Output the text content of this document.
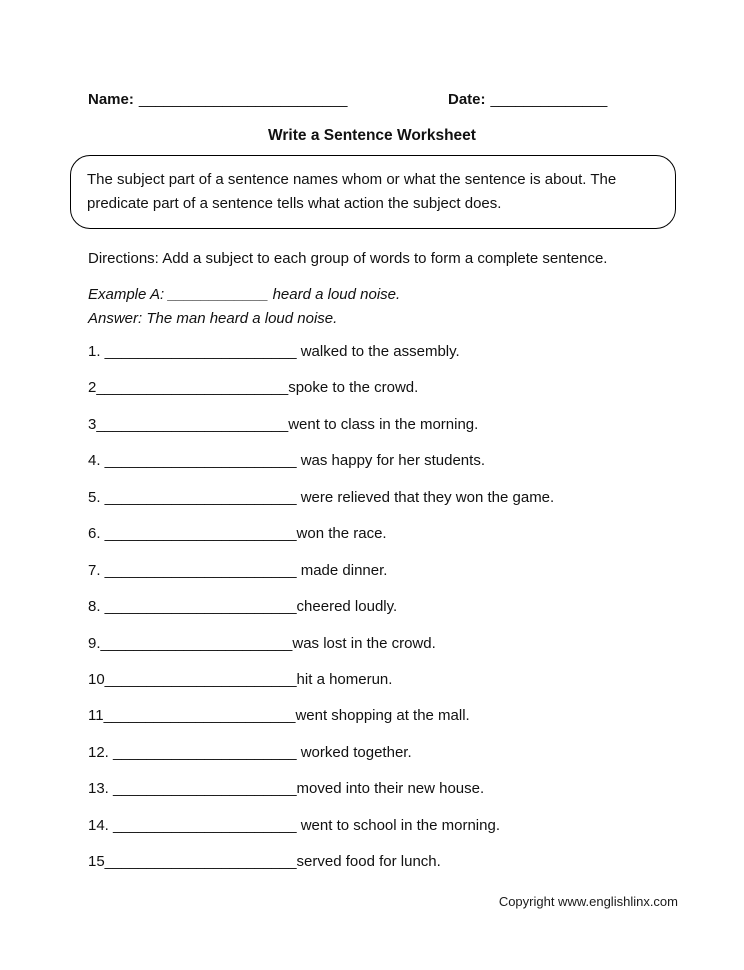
Name: _________________________	Date: ______________
Write a Sentence Worksheet
The subject part of a sentence names whom or what the sentence is about. The predicate part of a sentence tells what action the subject does.
Directions: Add a subject to each group of words to form a complete sentence.
Example A: ____________ heard a loud noise.
Answer: The man heard a loud noise.
1. _______________________ walked to the assembly.
2_______________________spoke to the crowd.
3_______________________went to class in the morning.
4. _______________________ was happy for her students.
5. _______________________ were relieved that they won the game.
6. _______________________won the race.
7. _______________________ made dinner.
8. _______________________cheered loudly.
9._______________________was lost in the crowd.
10_______________________hit a homerun.
11_______________________went shopping at the mall.
12. ______________________ worked together.
13. ______________________moved into their new house.
14. ______________________ went to school in the morning.
15_______________________served food for lunch.
Copyright www.englishlinx.com
